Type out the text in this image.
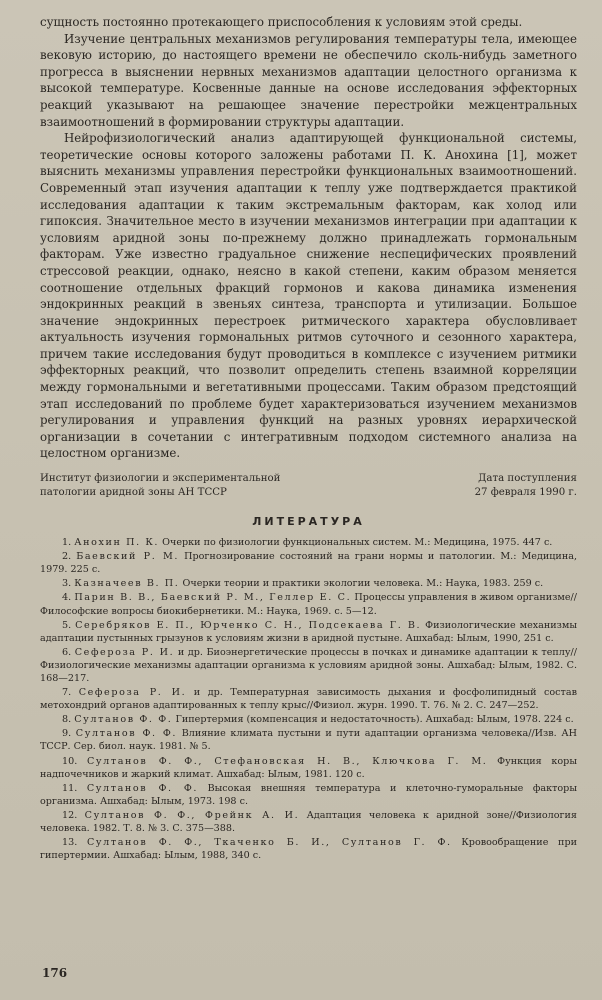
сущность постоянно протекающего приспособления к условиям этой среды.

Изучение центральных механизмов регулирования температуры тела, имеющее вековую историю, до настоящего времени не обеспечило сколь-нибудь заметного прогресса в выяснении нервных механизмов адаптации целостного организма к высокой температуре. Косвенные данные на основе исследования эффекторных реакций указывают на решающее значение перестройки межцентральных взаимоотношений в формировании структуры адаптации.

Нейрофизиологический анализ адаптирующей функциональной системы, теоретические основы которого заложены работами П. К. Анохина [1], может выяснить механизмы управления перестройки функциональных взаимоотношений. Современный этап изучения адаптации к теплу уже подтверждается практикой исследования адаптации к таким экстремальным факторам, как холод или гипоксия. Значительное место в изучении механизмов интеграции при адаптации к условиям аридной зоны по-прежнему должно принадлежать гормональным факторам. Уже известно градуальное снижение неспецифических проявлений стрессовой реакции, однако, неясно в какой степени, каким образом меняется соотношение отдельных фракций гормонов и какова динамика изменения эндокринных реакций в звеньях синтеза, транспорта и утилизации. Большое значение эндокринных перестроек ритмического характера обусловливает актуальность изучения гормональных ритмов суточного и сезонного характера, причем такие исследования будут проводиться в комплексе с изучением ритмики эффекторных реакций, что позволит определить степень взаимной корреляции между гормональными и вегетативными процессами. Таким образом предстоящий этап исследований по проблеме будет характеризоваться изучением механизмов регулирования и управления функций на разных уровнях иерархической организации в сочетании с интегративным подходом системного анализа на целостном организме.

Институт физиологии и экспериментальной
патологии аридной зоны АН ТССР
Дата поступления
27 февраля 1990 г.
ЛИТЕРАТУРА

1. Анохин П. К. Очерки по физиологии функциональных систем. М.: Медицина, 1975. 447 с.

2. Баевский Р. М. Прогнозирование состояний на грани нормы и патологии. М.: Медицина, 1979. 225 с.

3. Казначеев В. П. Очерки теории и практики экологии человека. М.: Наука, 1983. 259 с.

4. Парин В. В., Баевский Р. М., Геллер Е. С. Процессы управления в живом организме//Философские вопросы биокибернетики. М.: Наука, 1969. с. 5—12.

5. Серебряков Е. П., Юрченко С. Н., Подсекаева Г. В. Физиологические механизмы адаптации пустынных грызунов к условиям жизни в аридной пустыне. Ашхабад: Ылым, 1990, 251 с.

6. Сефероза Р. И. и др. Биоэнергетические процессы в почках и динамике адаптации к теплу//Физиологические механизмы адаптации организма к условиям аридной зоны. Ашхабад: Ылым, 1982. С. 168—217.

7. Сефероза Р. И. и др. Температурная зависимость дыхания и фосфолипидный состав метохондрий органов адаптированных к теплу крыс//Физиол. журн. 1990. Т. 76. № 2. С. 247—252.

8. Султанов Ф. Ф. Гипертермия (компенсация и недостаточность). Ашхабад: Ылым, 1978. 224 с.

9. Султанов Ф. Ф. Влияние климата пустыни и пути адаптации организма человека//Изв. АН ТССР. Сер. биол. наук. 1981. № 5.

10. Султанов Ф. Ф., Стефановская Н. В., Ключкова Г. М. Функция коры надпочечников и жаркий климат. Ашхабад: Ылым, 1981. 120 с.

11. Султанов Ф. Ф. Высокая внешняя температура и клеточно-гуморальные факторы организма. Ашхабад: Ылым, 1973. 198 с.

12. Султанов Ф. Ф., Фрейнк А. И. Адаптация человека к аридной зоне//Физиология человека. 1982. Т. 8. № 3. С. 375—388.

13. Султанов Ф. Ф., Ткаченко Б. И., Султанов Г. Ф. Кровообращение при гипертермии. Ашхабад: Ылым, 1988, 340 с.

176
